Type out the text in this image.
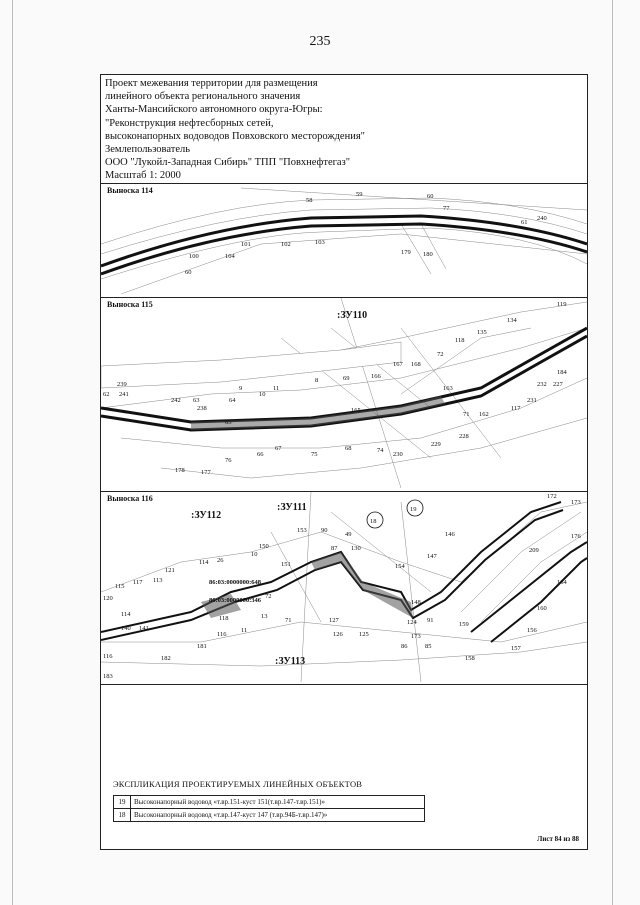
235
Проект межевания территории для размещения
линейного объекта регионального значения
Ханты-Мансийского автономного округа-Югры:
"Реконструкция нефтесборных сетей,
высоконапорных водоводов Повховского месторождения"
Землепользователь
ООО "Лукойл-Западная Сибирь" ТПП "Повхнефтегаз"
Масштаб 1: 2000
58
59	60
77
61
240
101	102	103
104
100
60
179 180
Выноска 114
:ЗУ110
119
134
135
118
72
167 168
163
184
232 227
231
117
162
71
228
229
230
74
68
75
67
66
76
177
178
65
64
63
242
238
241
239
62
9
10
11
8	69	166
165
Выноска 115
:ЗУ111
:ЗУ112
:ЗУ113
18
19
86:03:0000000:648
86:03:0000000:346
172
173
176
209
164
160
156
157
158
159
146
147
154
148
124 91
173
86	85
125
126
127
130
87
49
90
153
150
151
10
114
115
117 113
121
120
114
140 141
116	182
181
183
118
116
13
71
11
72
26
Выноска 116
ЭКСПЛИКАЦИЯ ПРОЕКТИРУЕМЫХ ЛИНЕЙНЫХ ОБЪЕКТОВ
19	Высоконапорный водовод «т.вр.151-куст 151(т.вр.147-т.вр.151)»
18	Высоконапорный водовод «т.вр.147-куст 147 (т.вр.94Б-т.вр.147)»
Лист 84 из 88
